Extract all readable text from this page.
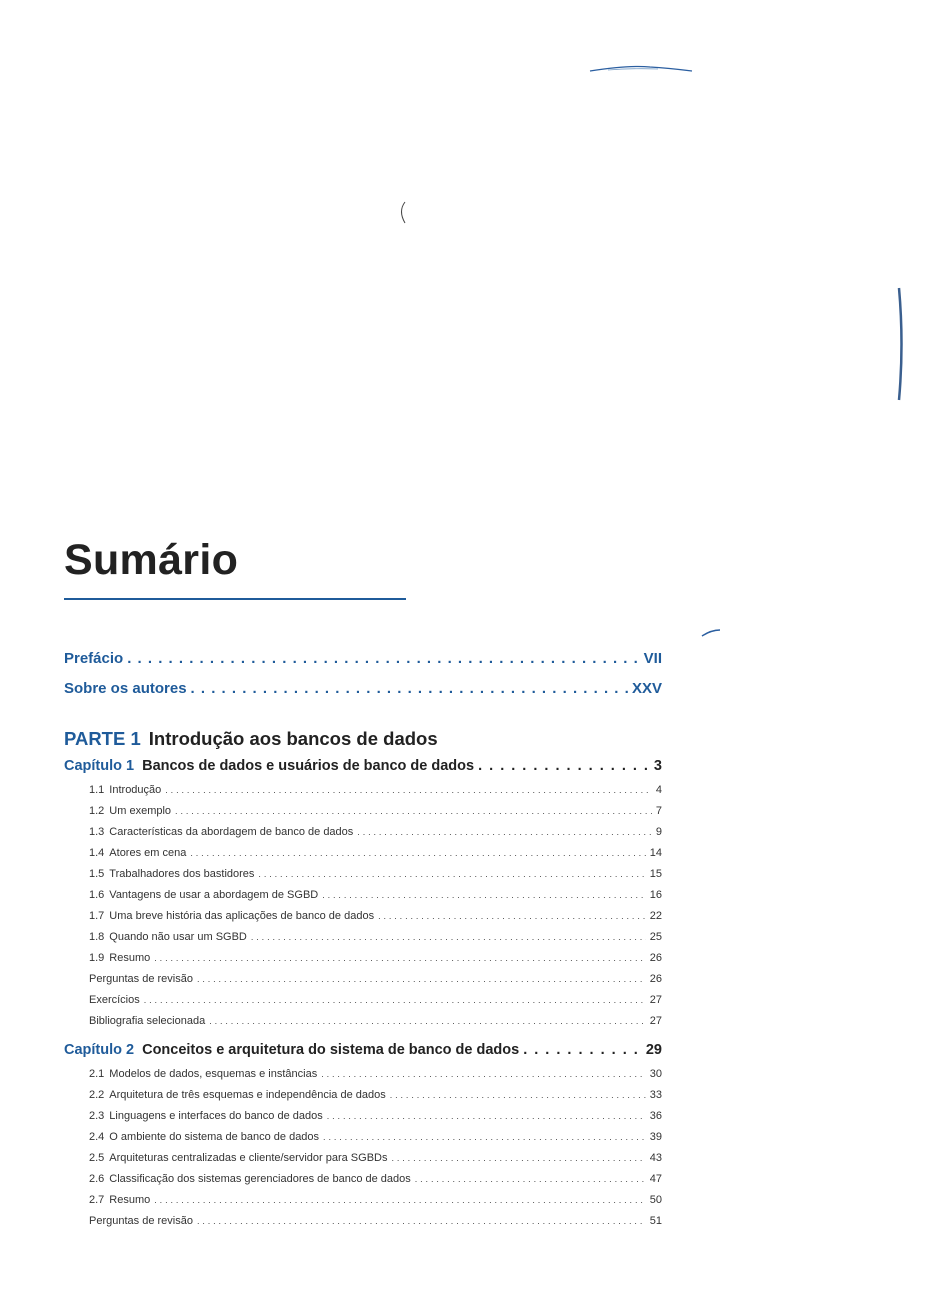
Sumário
Prefácio . . .	VII
Sobre os autores . . .	XXV
PARTE 1 Introdução aos bancos de dados
Capítulo 1 Bancos de dados e usuários de banco de dados . . .	3
1.1 Introdução . . .	4
1.2 Um exemplo . . .	7
1.3 Características da abordagem de banco de dados . . .	9
1.4 Atores em cena . . .	14
1.5 Trabalhadores dos bastidores . . .	15
1.6 Vantagens de usar a abordagem de SGBD . . .	16
1.7 Uma breve história das aplicações de banco de dados . . .	22
1.8 Quando não usar um SGBD . . .	25
1.9 Resumo . . .	26
Perguntas de revisão . . .	26
Exercícios . . .	27
Bibliografia selecionada . . .	27
Capítulo 2 Conceitos e arquitetura do sistema de banco de dados . . .	29
2.1 Modelos de dados, esquemas e instâncias . . .	30
2.2 Arquitetura de três esquemas e independência de dados . . .	33
2.3 Linguagens e interfaces do banco de dados . . .	36
2.4 O ambiente do sistema de banco de dados . . .	39
2.5 Arquiteturas centralizadas e cliente/servidor para SGBDs . . .	43
2.6 Classificação dos sistemas gerenciadores de banco de dados . . .	47
2.7 Resumo . . .	50
Perguntas de revisão . . .	51
